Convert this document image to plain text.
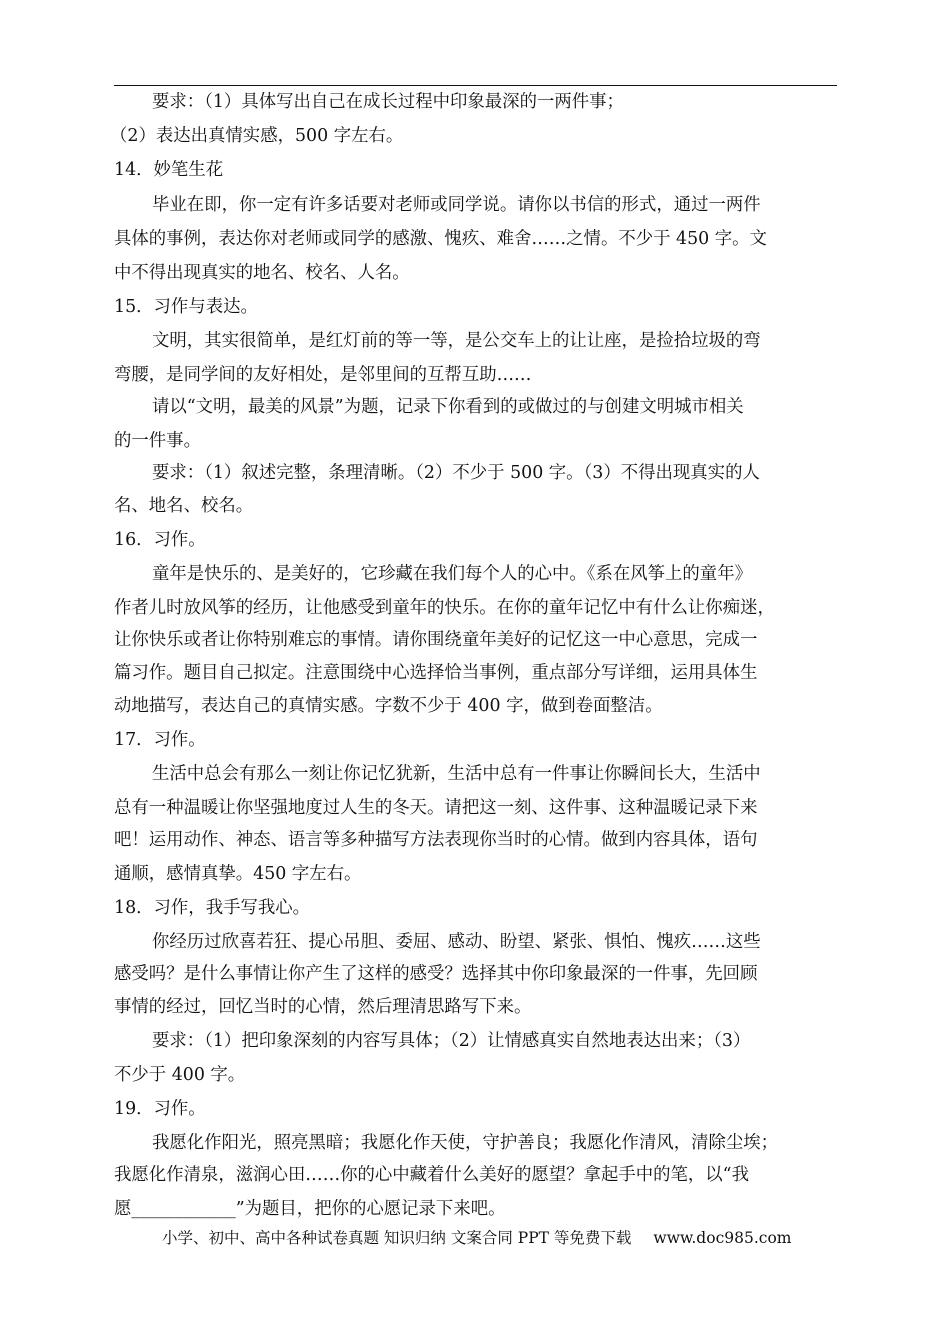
要求：（1）具体写出自己在成长过程中印象最深的一两件事；
（2）表达出真情实感，500 字左右。
14．妙笔生花
毕业在即，你一定有许多话要对老师或同学说。请你以书信的形式，通过一两件
具体的事例，表达你对老师或同学的感激、愧疚、难舍……之情。不少于 450 字。文
中不得出现真实的地名、校名、人名。
15．习作与表达。
文明，其实很简单，是红灯前的等一等，是公交车上的让让座，是捡拾垃圾的弯
弯腰，是同学间的友好相处，是邻里间的互帮互助……
请以“文明，最美的风景”为题，记录下你看到的或做过的与创建文明城市相关
的一件事。
要求：（1）叙述完整，条理清晰。（2）不少于 500 字。（3）不得出现真实的人
名、地名、校名。
16．习作。
童年是快乐的、是美好的，它珍藏在我们每个人的心中。《系在风筝上的童年》
作者儿时放风筝的经历，让他感受到童年的快乐。在你的童年记忆中有什么让你痴迷，
让你快乐或者让你特别难忘的事情。请你围绕童年美好的记忆这一中心意思，完成一
篇习作。题目自己拟定。注意围绕中心选择恰当事例，重点部分写详细，运用具体生
动地描写，表达自己的真情实感。字数不少于 400 字，做到卷面整洁。
17．习作。
生活中总会有那么一刻让你记忆犹新，生活中总有一件事让你瞬间长大，生活中
总有一种温暖让你坚强地度过人生的冬天。请把这一刻、这件事、这种温暖记录下来
吧！运用动作、神态、语言等多种描写方法表现你当时的心情。做到内容具体，语句
通顺，感情真挚。450 字左右。
18．习作，我手写我心。
你经历过欣喜若狂、提心吊胆、委屈、感动、盼望、紧张、惧怕、愧疚……这些
感受吗？是什么事情让你产生了这样的感受？选择其中你印象最深的一件事，先回顾
事情的经过，回忆当时的心情，然后理清思路写下来。
要求：（1）把印象深刻的内容写具体；（2）让情感真实自然地表达出来；（3）
不少于 400 字。
19．习作。
我愿化作阳光，照亮黑暗；我愿化作天使，守护善良；我愿化作清风，清除尘埃；
我愿化作清泉，滋润心田……你的心中藏着什么美好的愿望？拿起手中的笔，以“我
愿____________”为题目，把你的心愿记录下来吧。
小学、初中、高中各种试卷真题 知识归纳 文案合同 PPT 等免费下载 www.doc985.com
